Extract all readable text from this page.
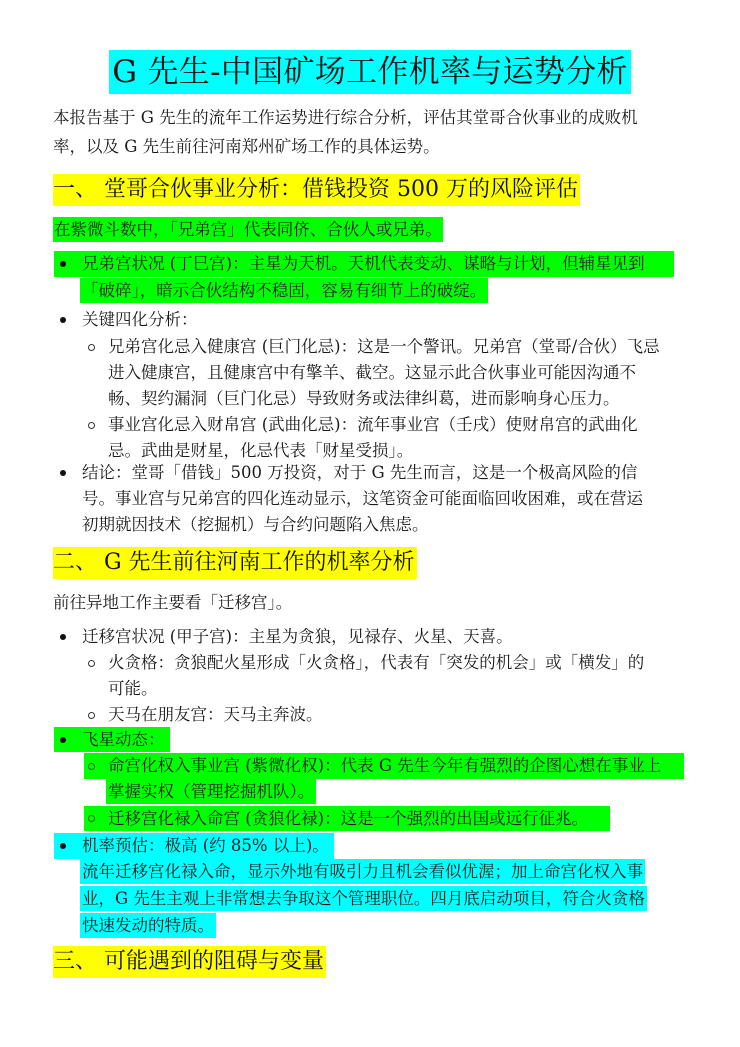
G 先生-中国矿场工作机率与运势分析
本报告基于 G 先生的流年工作运势进行综合分析，评估其堂哥合伙事业的成败机
率，以及 G 先生前往河南郑州矿场工作的具体运势。
一、 堂哥合伙事业分析：借钱投资 500 万的风险评估
在紫微斗数中，「兄弟宫」代表同侪、合伙人或兄弟。
兄弟宫状况 (丁巳宫)：主星为天机。天机代表变动、谋略与计划，但辅星见到
「破碎」，暗示合伙结构不稳固，容易有细节上的破绽。
关键四化分析：
兄弟宫化忌入健康宫 (巨门化忌)：这是一个警讯。兄弟宫（堂哥/合伙）飞忌
进入健康宫，且健康宫中有擎羊、截空。这显示此合伙事业可能因沟通不
畅、契约漏洞（巨门化忌）导致财务或法律纠葛，进而影响身心压力。
事业宫化忌入财帛宫 (武曲化忌)：流年事业宫（壬戌）使财帛宫的武曲化
忌。武曲是财星，化忌代表「财星受损」。
结论：堂哥「借钱」500 万投资，对于 G 先生而言，这是一个极高风险的信
号。事业宫与兄弟宫的四化连动显示，这笔资金可能面临回收困难，或在营运
初期就因技术（挖掘机）与合约问题陷入焦虑。
二、 G 先生前往河南工作的机率分析
前往异地工作主要看「迁移宫」。
迁移宫状况 (甲子宫)：主星为贪狼，见禄存、火星、天喜。
火贪格：贪狼配火星形成「火贪格」，代表有「突发的机会」或「横发」的
可能。
天马在朋友宫：天马主奔波。
飞星动态：
命宫化权入事业宫 (紫微化权)：代表 G 先生今年有强烈的企图心想在事业上
掌握实权（管理挖掘机队）。
迁移宫化禄入命宫 (贪狼化禄)：这是一个强烈的出国或远行征兆。
机率预估：极高 (约 85% 以上)。
流年迁移宫化禄入命，显示外地有吸引力且机会看似优渥；加上命宫化权入事
业，G 先生主观上非常想去争取这个管理职位。四月底启动项目，符合火贪格
快速发动的特质。
三、 可能遇到的阻碍与变量
